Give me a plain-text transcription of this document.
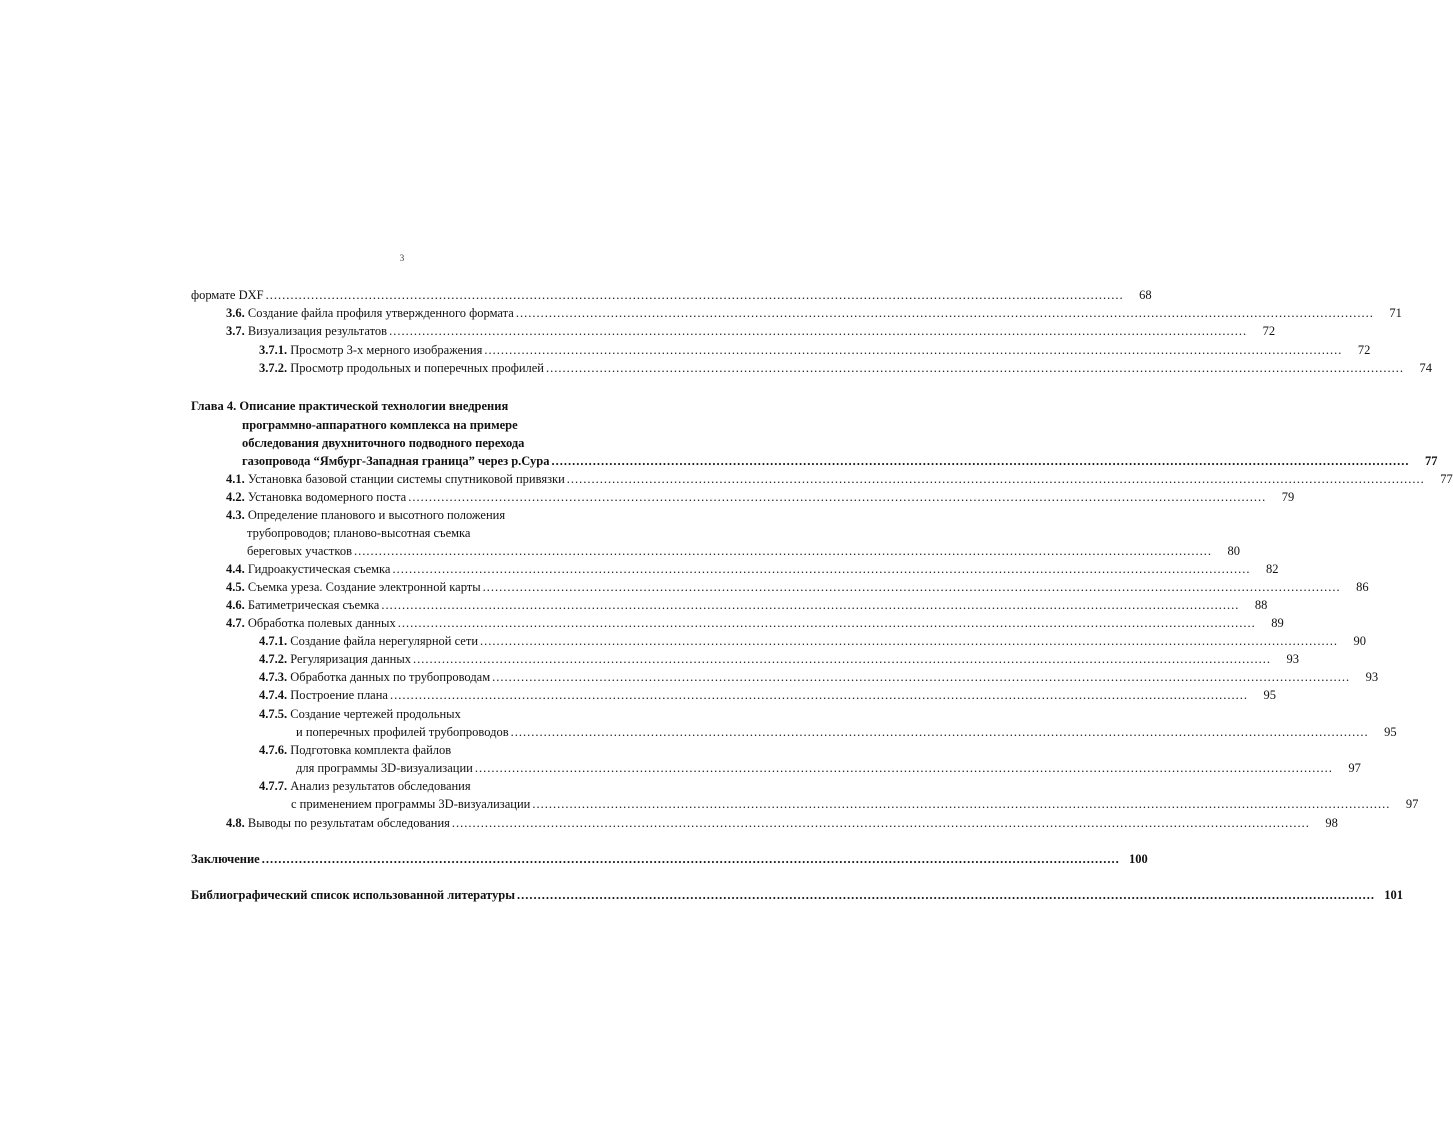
3
формате DXF .....	68
3.6. Создание файла профиля утвержденного формата .....	71
3.7. Визуализация результатов .....	72
3.7.1. Просмотр 3-х мерного изображения .....	72
3.7.2. Просмотр продольных и поперечных профилей .....	74
Глава 4. Описание практической технологии внедрения
программно-аппаратного комплекса на примере
обследования двухниточного подводного перехода
газопровода “Ямбург-Западная граница” через р.Сура .....	77
4.1. Установка базовой станции системы спутниковой привязки .....	77
4.2. Установка водомерного поста .....	79
4.3. Определение планового и высотного положения
трубопроводов; планово-высотная съемка
береговых участков .....	80
4.4. Гидроакустическая съемка .....	82
4.5. Съемка уреза. Создание электронной карты .....	86
4.6. Батиметрическая съемка .....	88
4.7. Обработка полевых данных .....	89
4.7.1. Создание файла нерегулярной сети .....	90
4.7.2. Регуляризация данных .....	93
4.7.3. Обработка данных по трубопроводам .....	93
4.7.4. Построение плана .....	95
4.7.5. Создание чертежей продольных
и поперечных профилей трубопроводов .....	95
4.7.6. Подготовка комплекта файлов
для программы 3D-визуализации .....	97
4.7.7. Анализ результатов обследования
с применением программы 3D-визуализации .....	97
4.8. Выводы по результатам обследования .....	98
Заключение .....	100
Библиографический список использованной литературы .....	101
